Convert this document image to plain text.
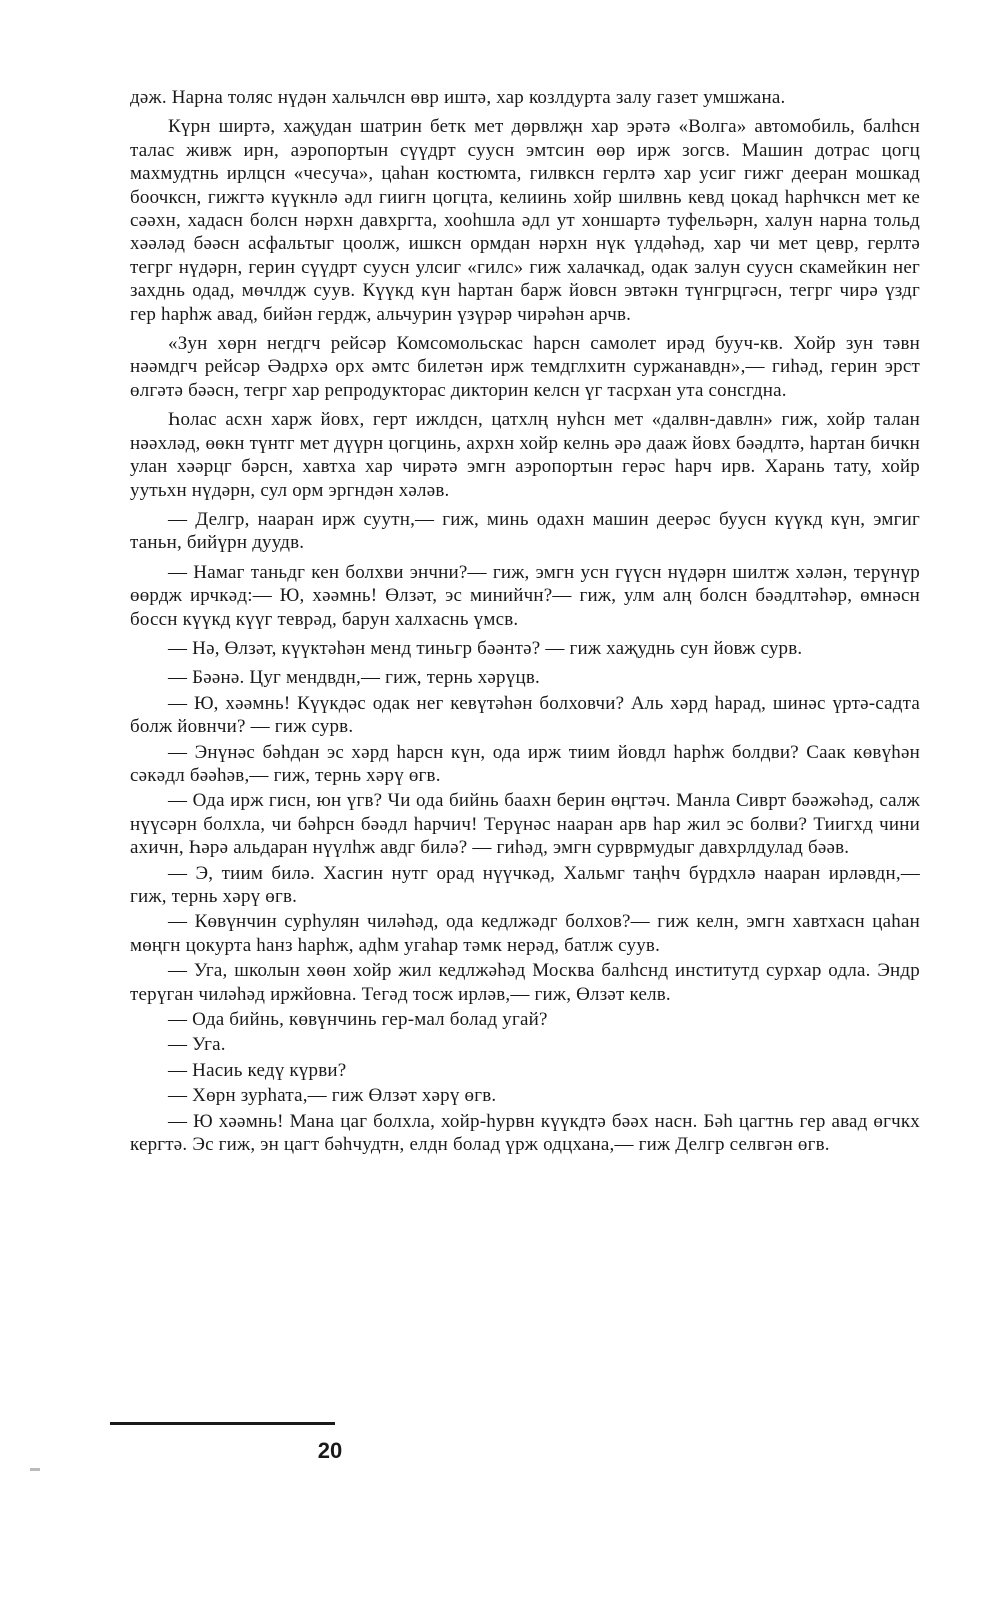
дәж. Нарна толяс нүдән хальчлсн өвр иштә, хар козлдурта залу газет умшжана.

Күрн ширтә, хаҗудан шатрин бетк мет дөрвлҗн хар эрәтә «Волга» автомобиль, балһсн талас живж ирн, аэропортын сүүдрт суусн эмтсин өөр ирж зогсв. Машин дотрас цогц махмудтнь ирлцсн «чесуча», цаһан костюмта, гилвксн герлтә хар усиг гижг дееран мошкад боочксн, гижгтә күүкнлә әдл гиигн цогцта, келиинь хойр шилвнь кевд цокад һарһчксн мет ке сәәхн, хадасн болсн нәрхн давхргта, хооһшла әдл ут хоншартә туфельәрн, халун нарна тольд хәәләд бәәсн асфальтыг цоолж, ишксн ормдан нәрхн нүк үлдәһәд, хар чи мет цевр, герлтә тегрг нүдәрн, герин сүүдрт суусн улсиг «гилс» гиж халачкад, одак залун суусн скамейкин нег захднь одад, мөчлдж суув. Күүкд күн һартан барж йовсн эвтәкн түнгрцгәсн, тегрг чирә үздг гер һарһж авад, бийән гердж, альчурин үзүрәр чирәһән арчв.

«Зун хөрн негдгч рейсәр Комсомольскас һарсн самолет ирәд бууч-кв. Хойр зун тәвн нәәмдгч рейсәр Әәдрхә орх әмтс билетән ирж темдглхитн суржанавдн»,— гиһәд, герин эрст өлгәтә бәәсн, тегрг хар репродукторас дикторин келсн үг тасрхан ута сонсгдна.

Һолас асхн харж йовх, герт ижлдсн, цатхлң нуһсн мет «далвн-давлн» гиж, хойр талан нәәхләд, өөкн түнтг мет дүүрн цогцинь, ахрхн хойр келнь әрә дааж йовх бәәдлтә, һартан бичкн улан хәәрцг бәрсн, хавтха хар чирәтә эмгн аэропортын герәс һарч ирв. Харань тату, хойр уутьхн нүдәрн, сул орм эргндән хәләв.

— Делгр, нааран ирж суутн,— гиж, минь одахн машин деерәс буусн күүкд күн, эмгиг таньн, бийүрн дуудв.

— Намаг таньдг кен болхви энчни?— гиж, эмгн усн гүүсн нүдәрн шилтж хәлән, терүнүр өөрдж ирчкәд:— Ю, хәәмнь! Өлзәт, эс минийчн?— гиж, улм алң болсн бәәдлтәһәр, өмнәсн боссн күүкд күүг теврәд, барун халхаснь үмсв.

— Нә, Өлзәт, күүктәһән менд тиньгр бәәнтә? — гиж хаҗуднь сун йовж сурв.

— Бәәнә. Цуг мендвдн,— гиж, тернь хәрүцв.

— Ю, хәәмнь! Күүкдәс одак нег кевүтәһән болховчи? Аль хәрд һарад, шинәс үртә-садта болж йовнчи? — гиж сурв.

— Энүнәс бәһдан эс хәрд һарсн күн, ода ирж тиим йовдл һарһж болдви? Саак көвүһән сәкәдл бәәһәв,— гиж, тернь хәрү өгв.

— Ода ирж гисн, юн үгв? Чи ода бийнь баахн берин өңгтәч. Манла Сиврт бәәжәһәд, салж нүүсәрн болхла, чи бәһрсн бәәдл һарчич! Терүнәс нааран арв һар жил эс болви? Тиигхд чини ахичн, Һәрә альдаран нүүлһж авдг билә? — гиһәд, эмгн сурврмудыг давхрлдулад бәәв.

— Э, тиим билә. Хасгин нутг орад нүүчкәд, Хальмг таңһч бүрдхлә нааран ирләвдн,— гиж, тернь хәрү өгв.

— Көвүнчин сурһулян чиләһәд, ода кедлжәдг болхов?— гиж келн, эмгн хавтхасн цаһан мөңгн цокурта һанз һарһж, адһм угаһар тәмк нерәд, батлж суув.

— Уга, школын хөөн хойр жил кедлжәһәд Москва балһснд институтд сурхар одла. Эндр терүган чиләһәд иржйовна. Тегәд тосж ирләв,— гиж, Өлзәт келв.

— Ода бийнь, көвүнчинь гер-мал болад угай?

— Уга.

— Насиь кедү күрви?

— Хөрн зурһата,— гиж Өлзәт хәрү өгв.

— Ю хәәмнь! Мана цаг болхла, хойр-һурвн күүкдтә бәәх насн. Бәһ цагтнь гер авад өгчкх кергтә. Эс гиж, эн цагт бәһчудтн, елдн болад үрж одцхана,— гиж Делгр селвгән өгв.

20
